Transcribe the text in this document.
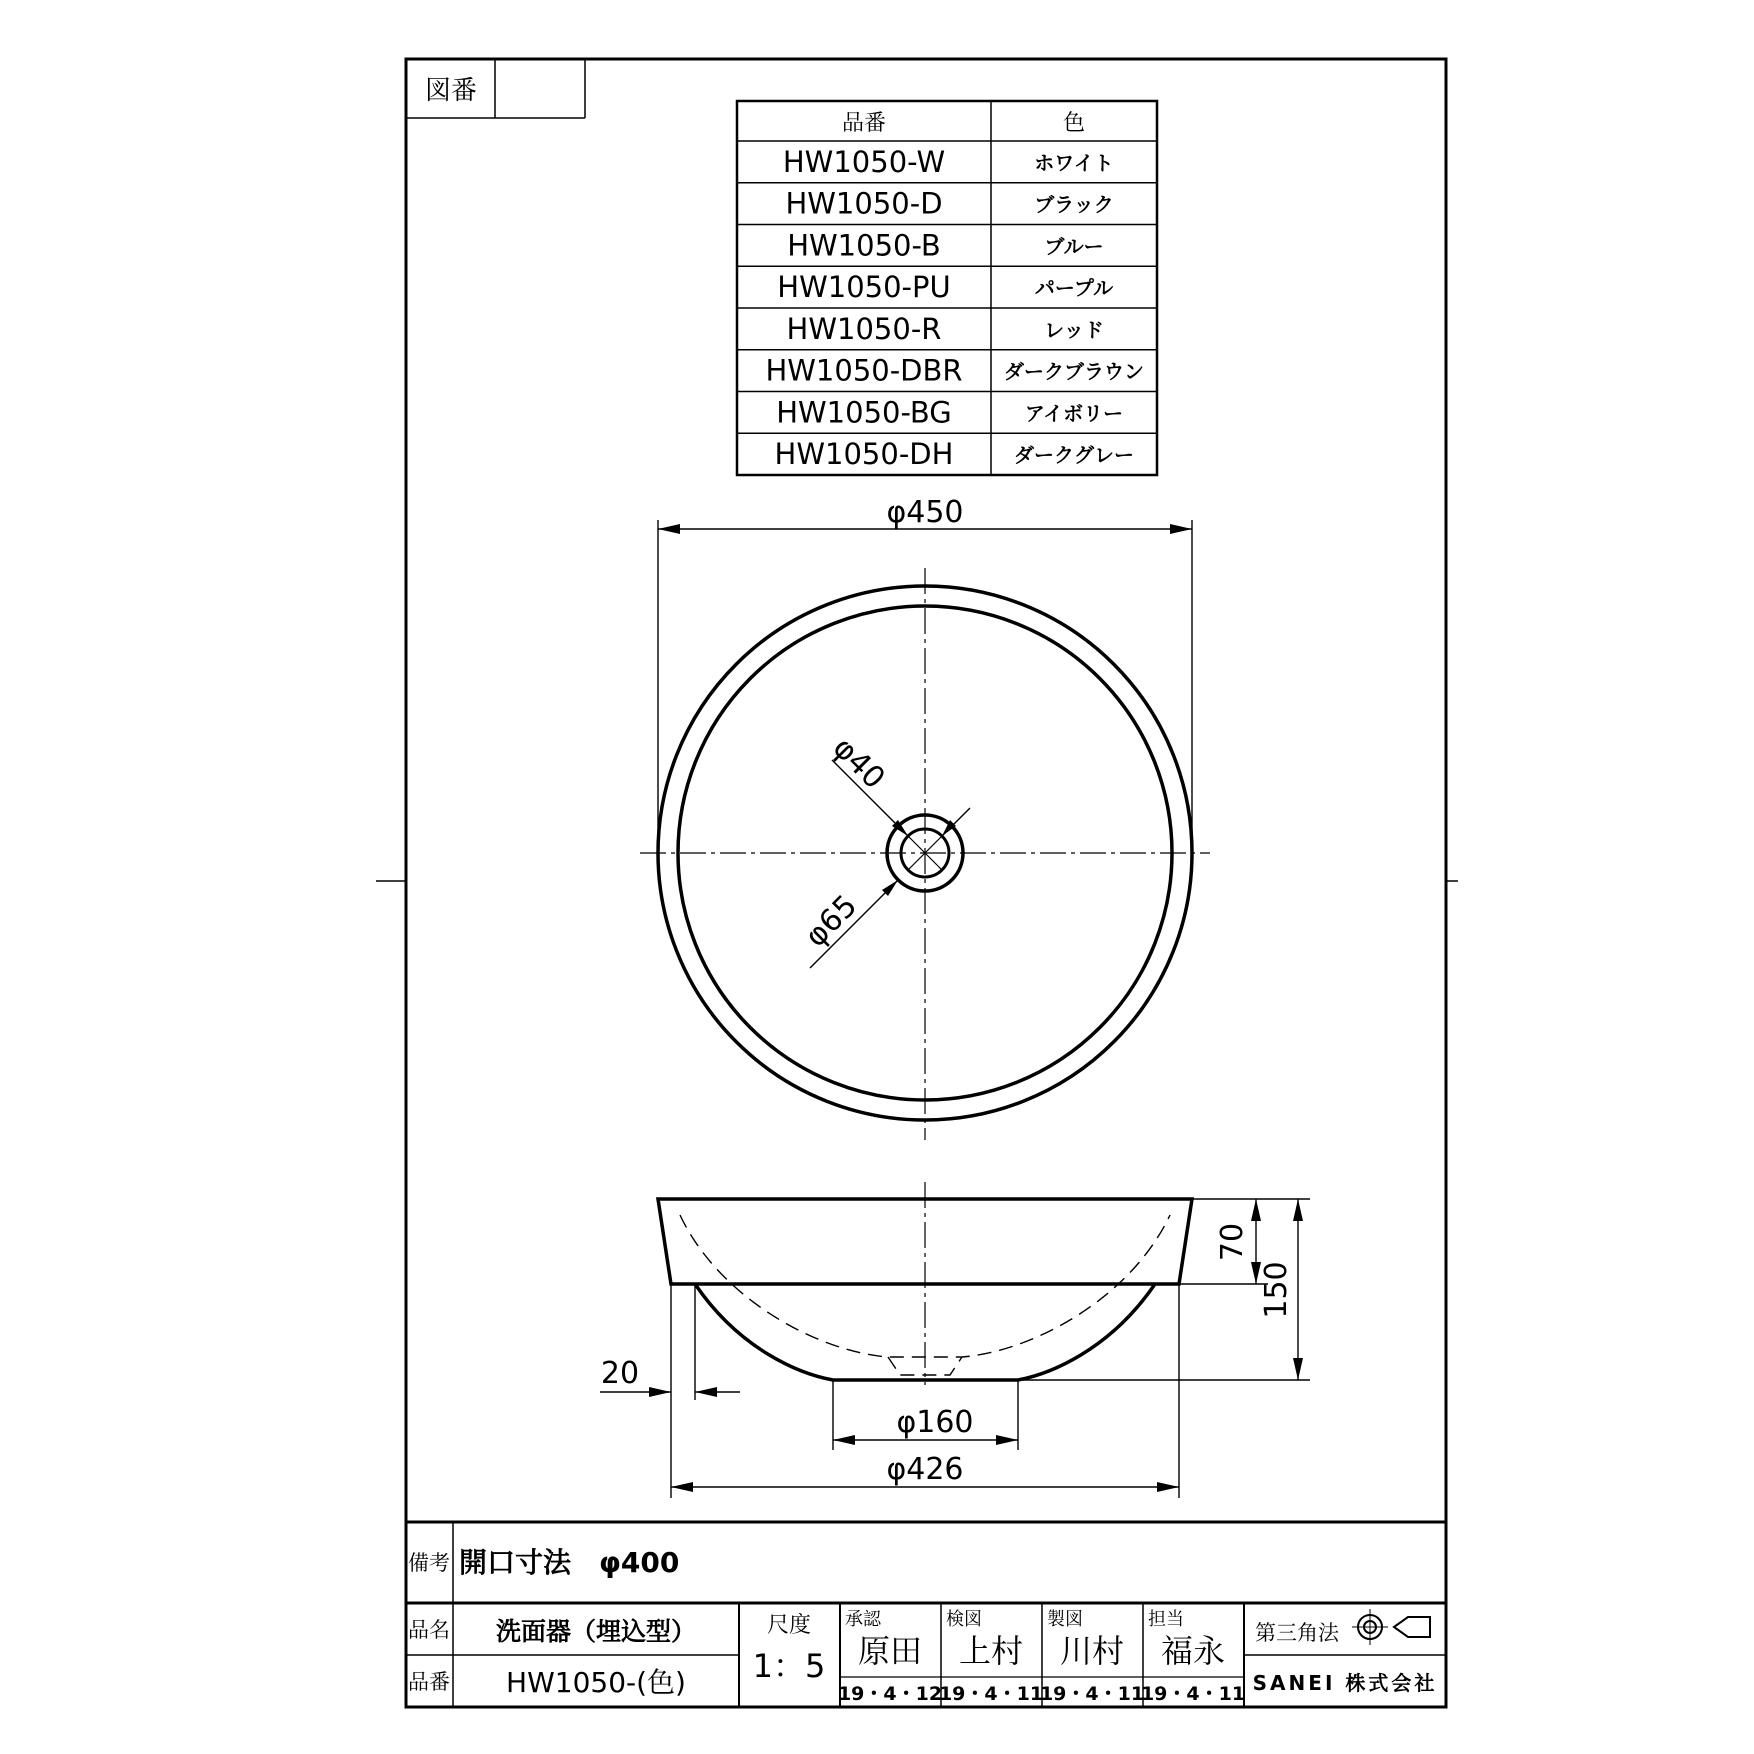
図番
品番	色
HW1050-W	ホワイト
HW1050-D	ブラック
HW1050-B	ブルー
HW1050-PU	パープル
HW1050-R	レッド
HW1050-DBR ダークブラウン
HW1050-BG	アイボリー
HW1050-DH	ダークグレー
φ450
φ40
φ65
70
150
20
φ160
φ426
備考 開口寸法　φ400
品名 洗面器（埋込型）
品番 HW1050-(色)
尺度
1：5
承認
原田
19・4・12
検図
上村
19・4・11
製図
川村
19・4・11
担当
福永
19・4・11
第三角法
SANEI 株式会社
